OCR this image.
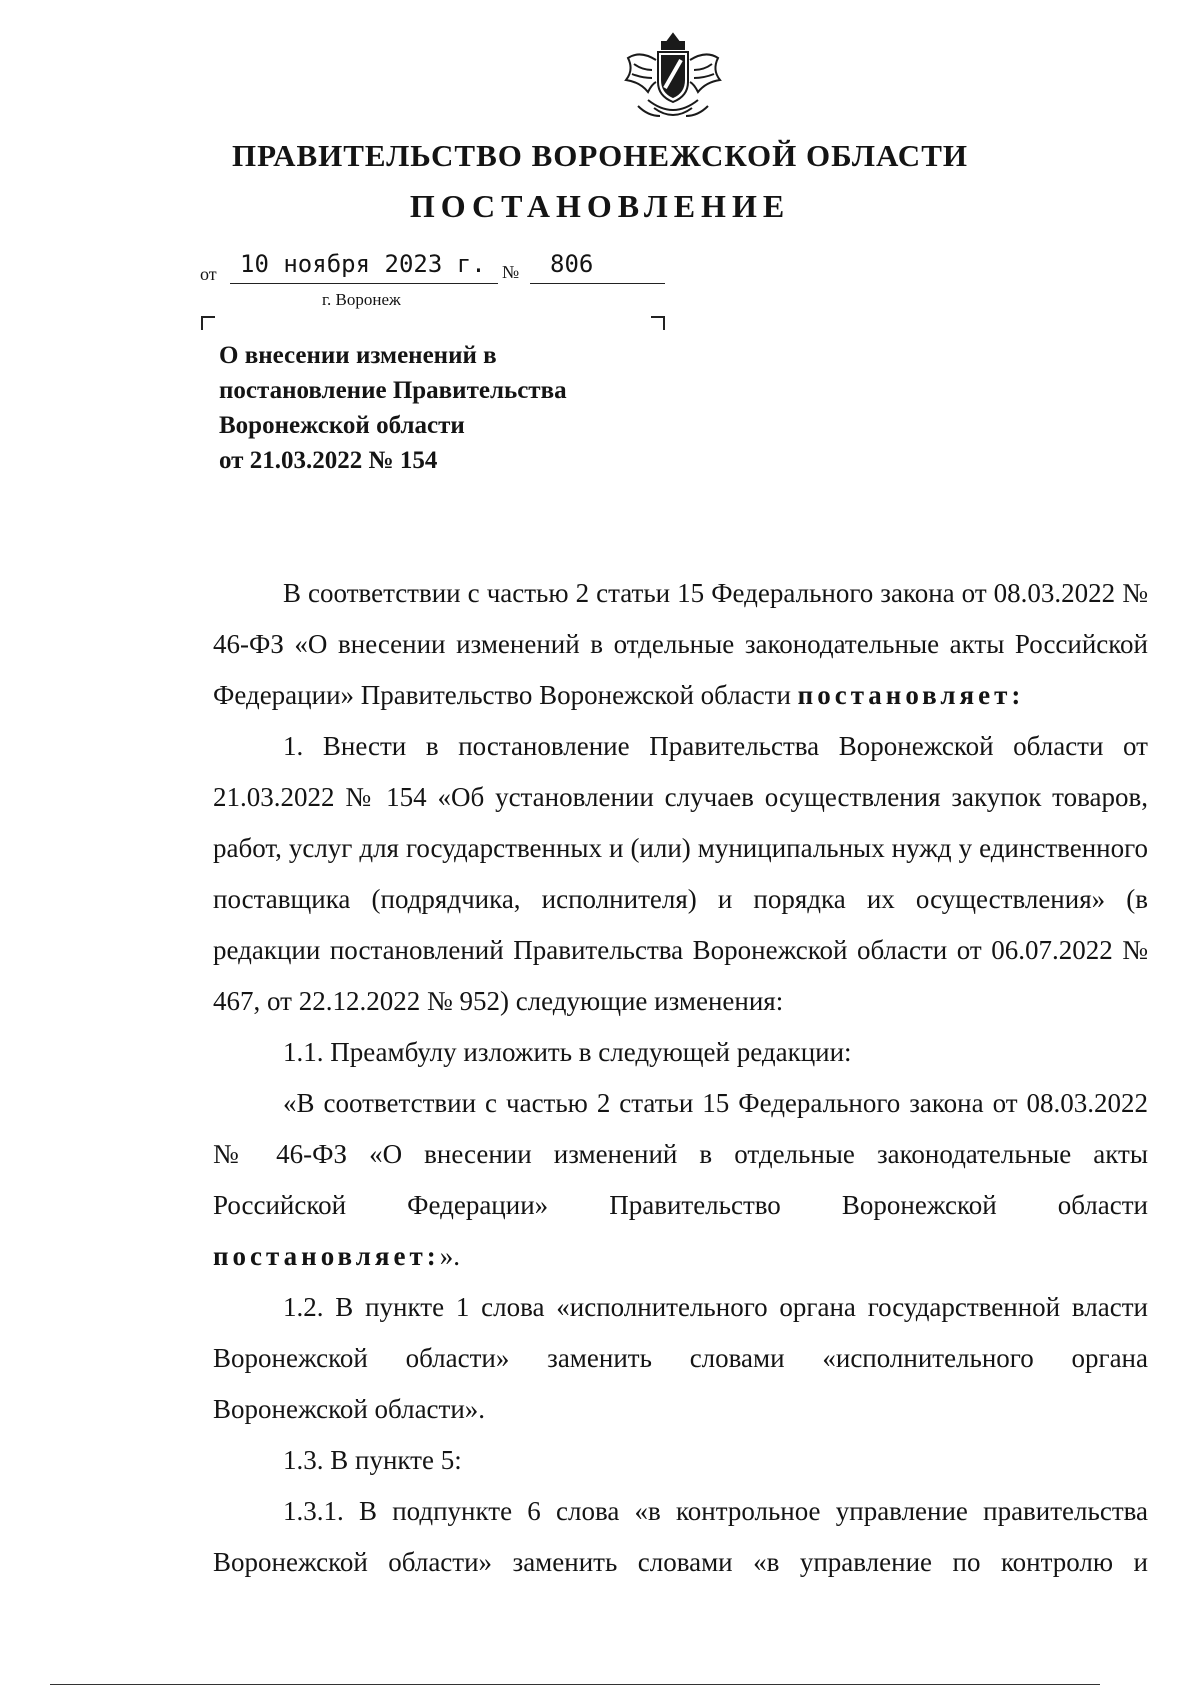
ПРАВИТЕЛЬСТВО ВОРОНЕЖСКОЙ ОБЛАСТИ
ПОСТАНОВЛЕНИЕ
от 10 ноября 2023 г. № 806
г. Воронеж
О внесении изменений в
постановление Правительства
Воронежской области
от 21.03.2022 № 154

В соответствии с частью 2 статьи 15 Федерального закона от 08.03.2022 № 46-ФЗ «О внесении изменений в отдельные законодательные акты Российской Федерации» Правительство Воронежской области постановляет:

1. Внести в постановление Правительства Воронежской области от 21.03.2022 № 154 «Об установлении случаев осуществления закупок товаров, работ, услуг для государственных и (или) муниципальных нужд у единственного поставщика (подрядчика, исполнителя) и порядка их осуществления» (в редакции постановлений Правительства Воронежской области от 06.07.2022 № 467, от 22.12.2022 № 952) следующие изменения:

1.1. Преамбулу изложить в следующей редакции:

«В соответствии с частью 2 статьи 15 Федерального закона от 08.03.2022 № 46-ФЗ «О внесении изменений в отдельные законодательные акты Российской Федерации» Правительство Воронежской области постановляет:».

1.2. В пункте 1 слова «исполнительного органа государственной власти Воронежской области» заменить словами «исполнительного органа Воронежской области».

1.3. В пункте 5:

1.3.1. В подпункте 6 слова «в контрольное управление правительства Воронежской области» заменить словами «в управление по контролю и
